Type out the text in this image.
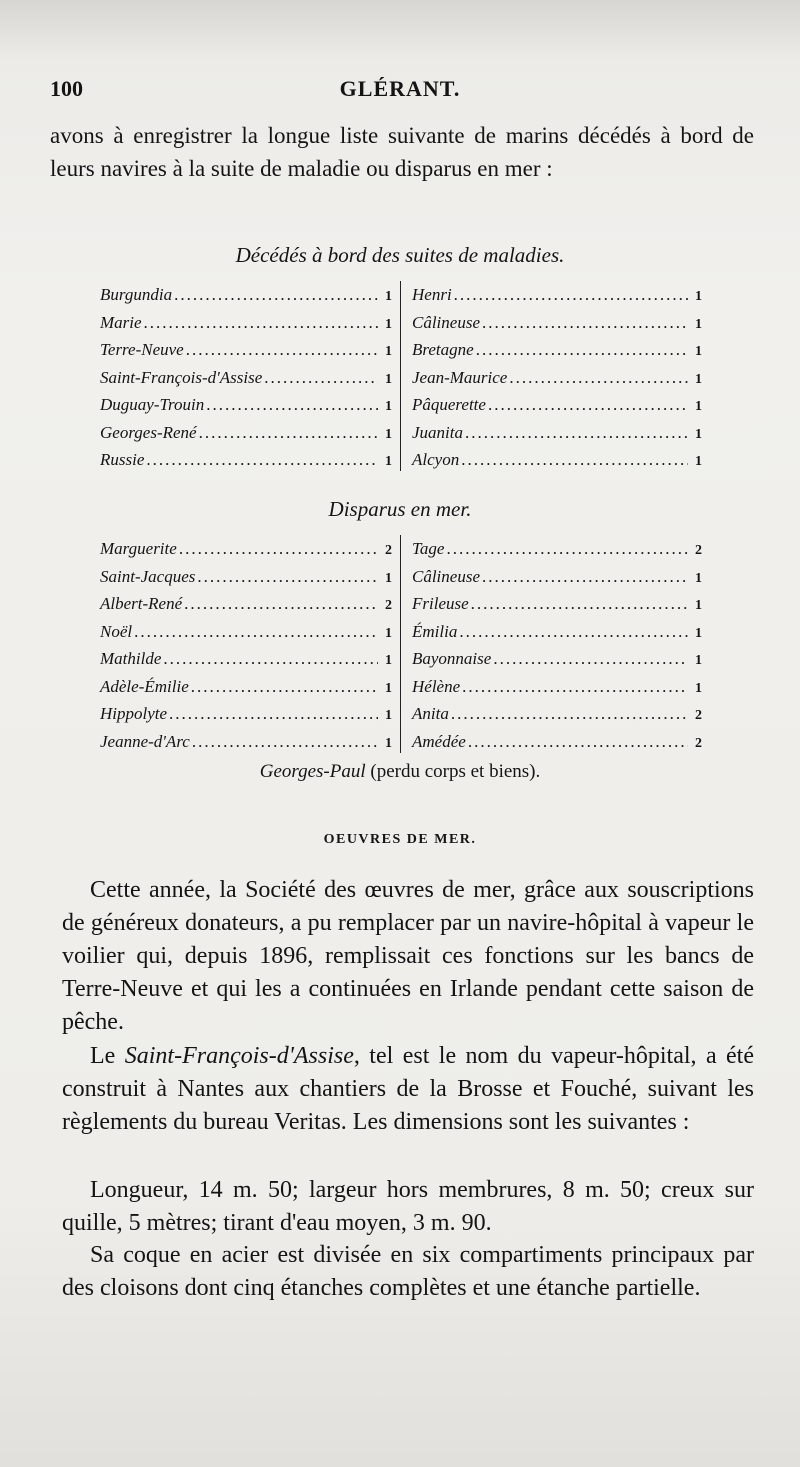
100	GLÉRANT.
avons à enregistrer la longue liste suivante de marins décédés à bord de leurs navires à la suite de maladie ou disparus en mer :
Décédés à bord des suites de maladies.
Burgundia .....	1
Marie .....	1
Terre-Neuve .....	1
Saint-François-d'Assise .....	1
Duguay-Trouin .....	1
Georges-René .....	1
Russie .....	1
Henri .....	1
Câlineuse .....	1
Bretagne .....	1
Jean-Maurice .....	1
Pâquerette .....	1
Juanita .....	1
Alcyon .....	1
Disparus en mer.
Marguerite .....	2
Saint-Jacques .....	1
Albert-René .....	2
Noël .....	1
Mathilde .....	1
Adèle-Émilie .....	1
Hippolyte .....	1
Jeanne-d'Arc .....	1
Tage .....	2
Câlineuse .....	1
Frileuse .....	1
Émilia .....	1
Bayonnaise .....	1
Hélène .....	1
Anita .....	2
Amédée .....	2
Georges-Paul (perdu corps et biens).
OEUVRES DE MER.
Cette année, la Société des œuvres de mer, grâce aux souscriptions de généreux donateurs, a pu remplacer par un navire-hôpital à vapeur le voilier qui, depuis 1896, remplissait ces fonctions sur les bancs de Terre-Neuve et qui les a continuées en Irlande pendant cette saison de pêche.
Le Saint-François-d'Assise, tel est le nom du vapeur-hôpital, a été construit à Nantes aux chantiers de la Brosse et Fouché, suivant les règlements du bureau Veritas. Les dimensions sont les suivantes :
Longueur, 14 m. 50; largeur hors membrures, 8 m. 50; creux sur quille, 5 mètres; tirant d'eau moyen, 3 m. 90.
Sa coque en acier est divisée en six compartiments principaux par des cloisons dont cinq étanches complètes et une étanche partielle.
